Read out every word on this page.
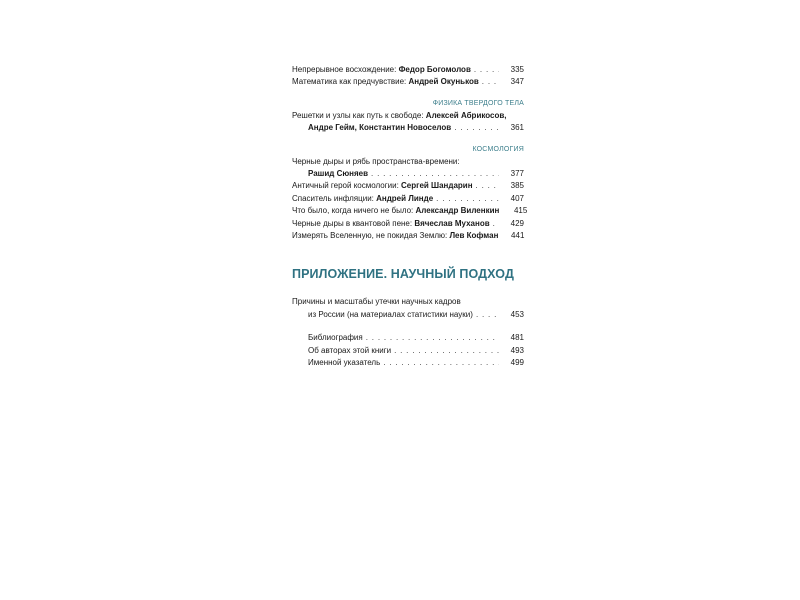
Непрерывное восхождение: Федор Богомолов . . .	335
Математика как предчувствие: Андрей Окуньков . . .	347
ФИЗИКА ТВЕРДОГО ТЕЛА
Решетки и узлы как путь к свободе: Алексей Абрикосов,
Андре Гейм, Константин Новоселов . . .	361
КОСМОЛОГИЯ
Черные дыры и рябь пространства-времени:
Рашид Сюняев . . .	377
Античный герой космологии: Сергей Шандарин . . .	385
Спаситель инфляции: Андрей Линде . . .	407
Что было, когда ничего не было: Александр Виленкин	415
Черные дыры в квантовой пене: Вячеслав Муханов . . .	429
Измерять Вселенную, не покидая Землю: Лев Кофман	441
ПРИЛОЖЕНИЕ. НАУЧНЫЙ ПОДХОД
Причины и масштабы утечки научных кадров
из России (на материалах статистики науки) . . .	453
Библиография . . .	481
Об авторах этой книги . . .	493
Именной указатель . . .	499
